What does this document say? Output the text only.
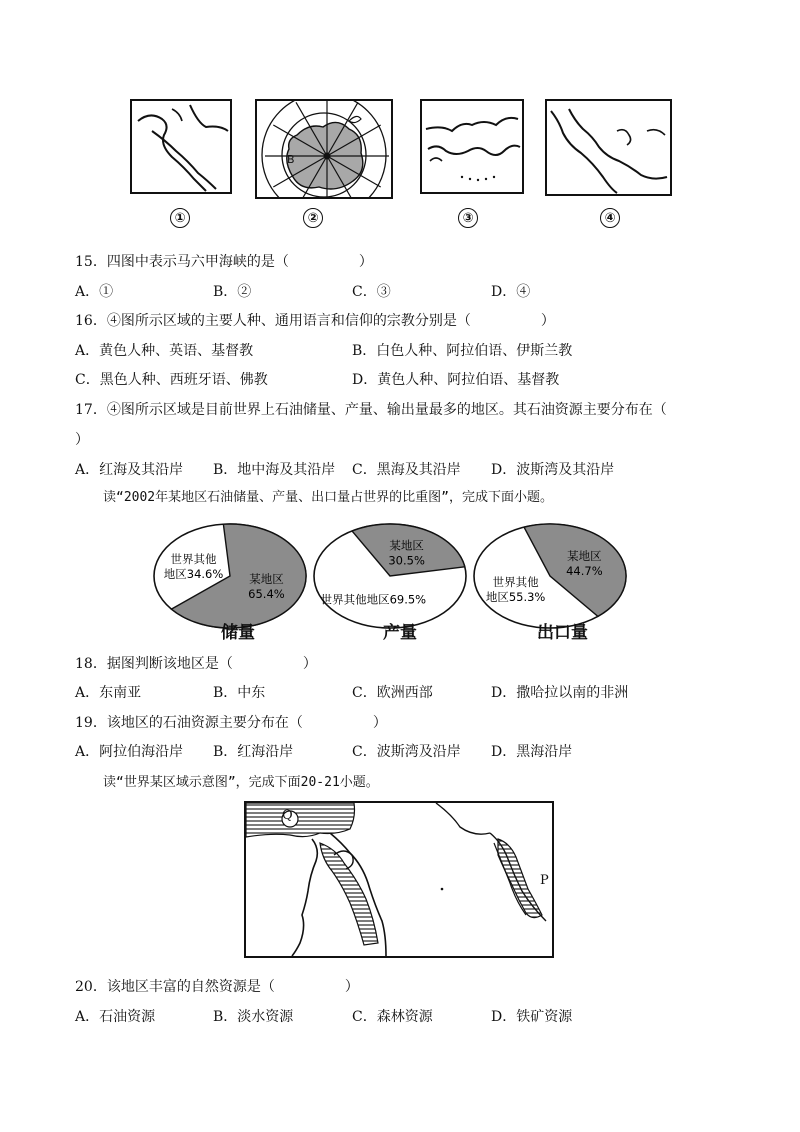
①
B
②	③	④
15．四图中表示马六甲海峡的是（　　　　　）
A．①	B．②	C．③	D．④
16．④图所示区域的主要人种、通用语言和信仰的宗教分别是（　　　　　）
A．黄色人种、英语、基督教	B．白色人种、阿拉伯语、伊斯兰教
C．黑色人种、西班牙语、佛教	D．黄色人种、阿拉伯语、基督教
17．④图所示区域是目前世界上石油储量、产量、输出量最多的地区。其石油资源主要分布在（
）
A．红海及其沿岸 B．地中海及其沿岸 C．黑海及其沿岸 D．波斯湾及其沿岸
读“2002年某地区石油储量、产量、出口量占世界的比重图”，完成下面小题。
某地区 65.4%
世界其他地区34.6%
某地区 30.5%
世界其他地区69.5%
某地区 44.7%
世界其他地区55.3%
储量	产量	出口量
18．据图判断该地区是（　　　　　）
A．东南亚	B．中东	C．欧洲西部	D．撒哈拉以南的非洲
19．该地区的石油资源主要分布在（　　　　　）
A．阿拉伯海沿岸 B．红海沿岸	C．波斯湾及沿岸 D．黑海沿岸
读“世界某区域示意图”，完成下面20-21小题。
Q
P
20．该地区丰富的自然资源是（　　　　　）
A．石油资源	B．淡水资源	C．森林资源	D．铁矿资源
